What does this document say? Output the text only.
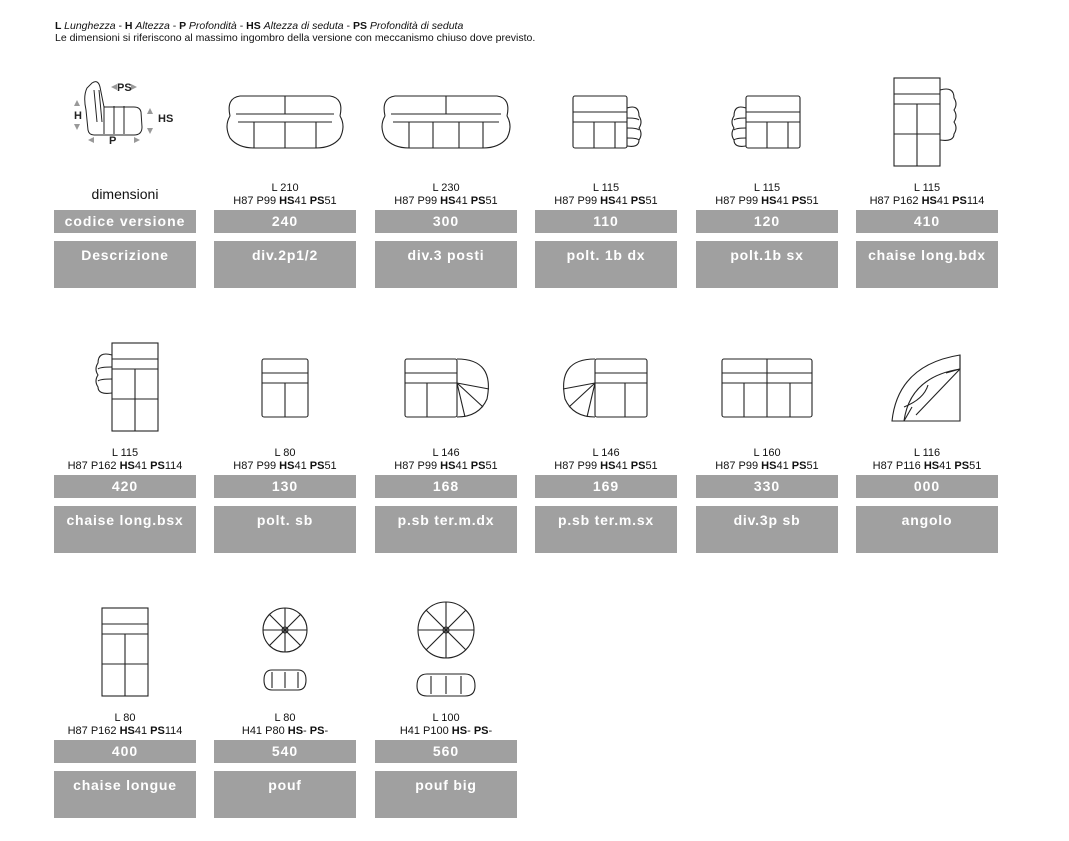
L Lunghezza - H Altezza - P Profondità - HS Altezza di seduta - PS Profondità di seduta
Le dimensioni si riferiscono al massimo ingombro della versione con meccanismo chiuso dove previsto.
PS
H	HS
P
dimensioni
codice versione
Descrizione
L 210
H87 P99 HS41 PS51
240
div.2p1/2
L 230
H87 P99 HS41 PS51
300
div.3 posti
L 115
H87 P99 HS41 PS51
110
polt. 1b dx
L 115
H87 P99 HS41 PS51
120
polt.1b sx
L 115
H87 P162 HS41 PS114
410
chaise long.bdx
L 115
H87 P162 HS41 PS114
420
chaise long.bsx
L 80
H87 P99 HS41 PS51
130
polt. sb
L 146
H87 P99 HS41 PS51
168
p.sb ter.m.dx
L 146
H87 P99 HS41 PS51
169
p.sb ter.m.sx
L 160
H87 P99 HS41 PS51
330
div.3p sb
L 116
H87 P116 HS41 PS51
000
angolo
L 80
H87 P162 HS41 PS114
400
chaise longue
L 80
H41 P80 HS- PS-
540
pouf
L 100
H41 P100 HS- PS-
560
pouf big
